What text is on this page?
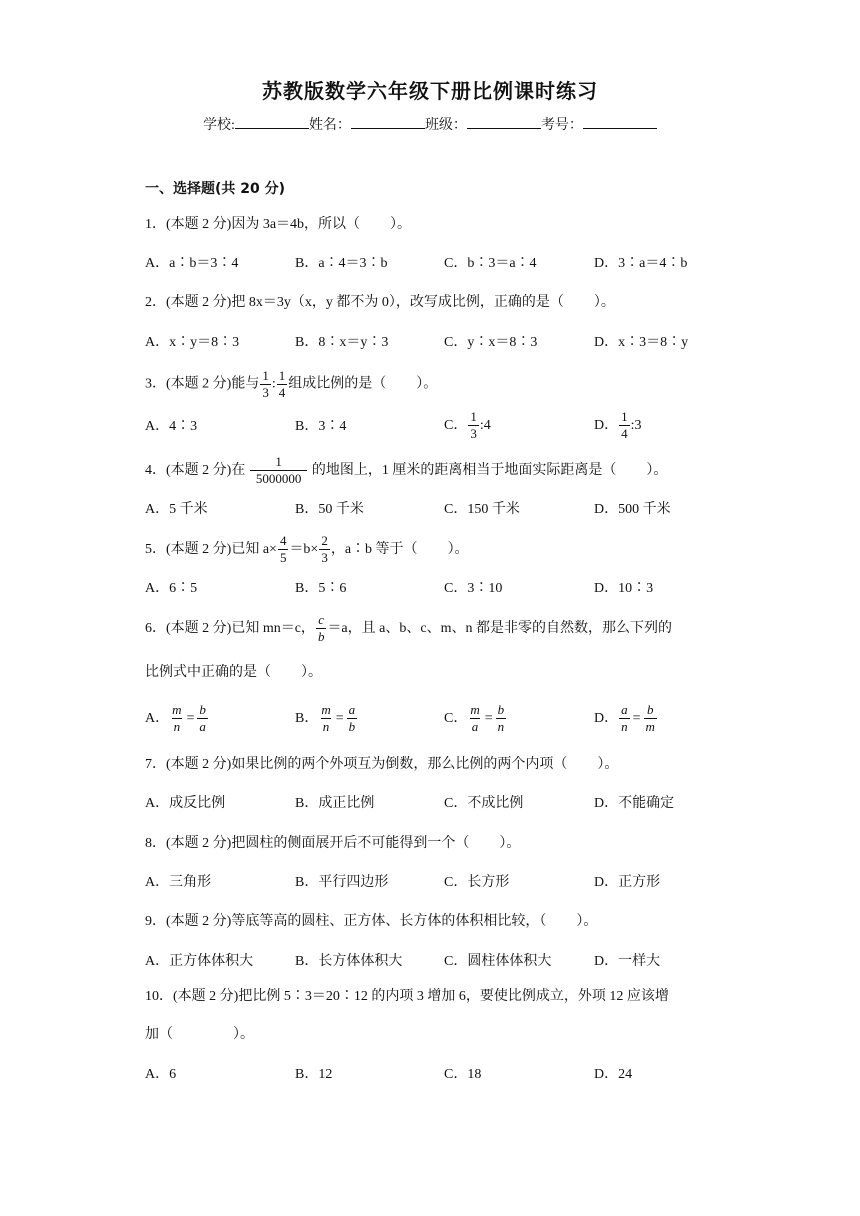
苏教版数学六年级下册比例课时练习
学校:	姓名：	班级：	考号：
一、选择题(共 20 分)
1．(本题 2 分)因为 3a＝4b，所以（ ）。
A．a∶b＝3∶4	B．a∶4＝3∶b	C．b∶3＝a∶4	D．3∶a＝4∶b
2．(本题 2 分)把 8x＝3y（x，y 都不为 0），改写成比例，正确的是（ ）。
A．x∶y＝8∶3	B．8∶x＝y∶3	C．y∶x＝8∶3	D．x∶3＝8∶y
3．(本题 2 分)能与 $\frac{1}{3}$ : $\frac{1}{4}$ 组成比例的是（ ）。
A．4∶3	B．3∶4	C． $\frac{1}{3}$ :4	D． $\frac{1}{4}$ :3
4．(本题 2 分)在 $\frac{1}{5000000}$ 的地图上，1 厘米的距离相当于地面实际距离是（ ）。
A．5 千米	B．50 千米	C．150 千米	D．500 千米
5．(本题 2 分)已知 $a\times \frac{4}{5} =b\times \frac{2}{3}$ ，a∶b 等于（ ）。
A．6∶5	B．5∶6	C．3∶10	D．10∶3
6．(本题 2 分)已知 mn＝c， $\frac{c}{b} =a$，且 a、b、c、m、n 都是非零的自然数，那么下列的
比例式中正确的是（ ）。
A． $\frac{m}{n} = \frac{b}{a}$	B． $\frac{m}{n} = \frac{a}{b}$	C． $\frac{m}{a} = \frac{b}{n}$	D． $\frac{a}{n} = \frac{b}{m}$
7．(本题 2 分)如果比例的两个外项互为倒数，那么比例的两个内项（ ）。
A．成反比例	B．成正比例	C．不成比例	D．不能确定
8．(本题 2 分)把圆柱的侧面展开后不可能得到一个（ ）。
A．三角形	B．平行四边形	C．长方形	D．正方形
9．(本题 2 分)等底等高的圆柱、正方体、长方体的体积相比较，（ ）。
A．正方体体积大	B．长方体体积大	C．圆柱体体积大	D．一样大
10．(本题 2 分)把比例 5∶3＝20∶12 的内项 3 增加 6，要使比例成立，外项 12 应该增
加（	）。
A．6	B．12	C．18	D．24
